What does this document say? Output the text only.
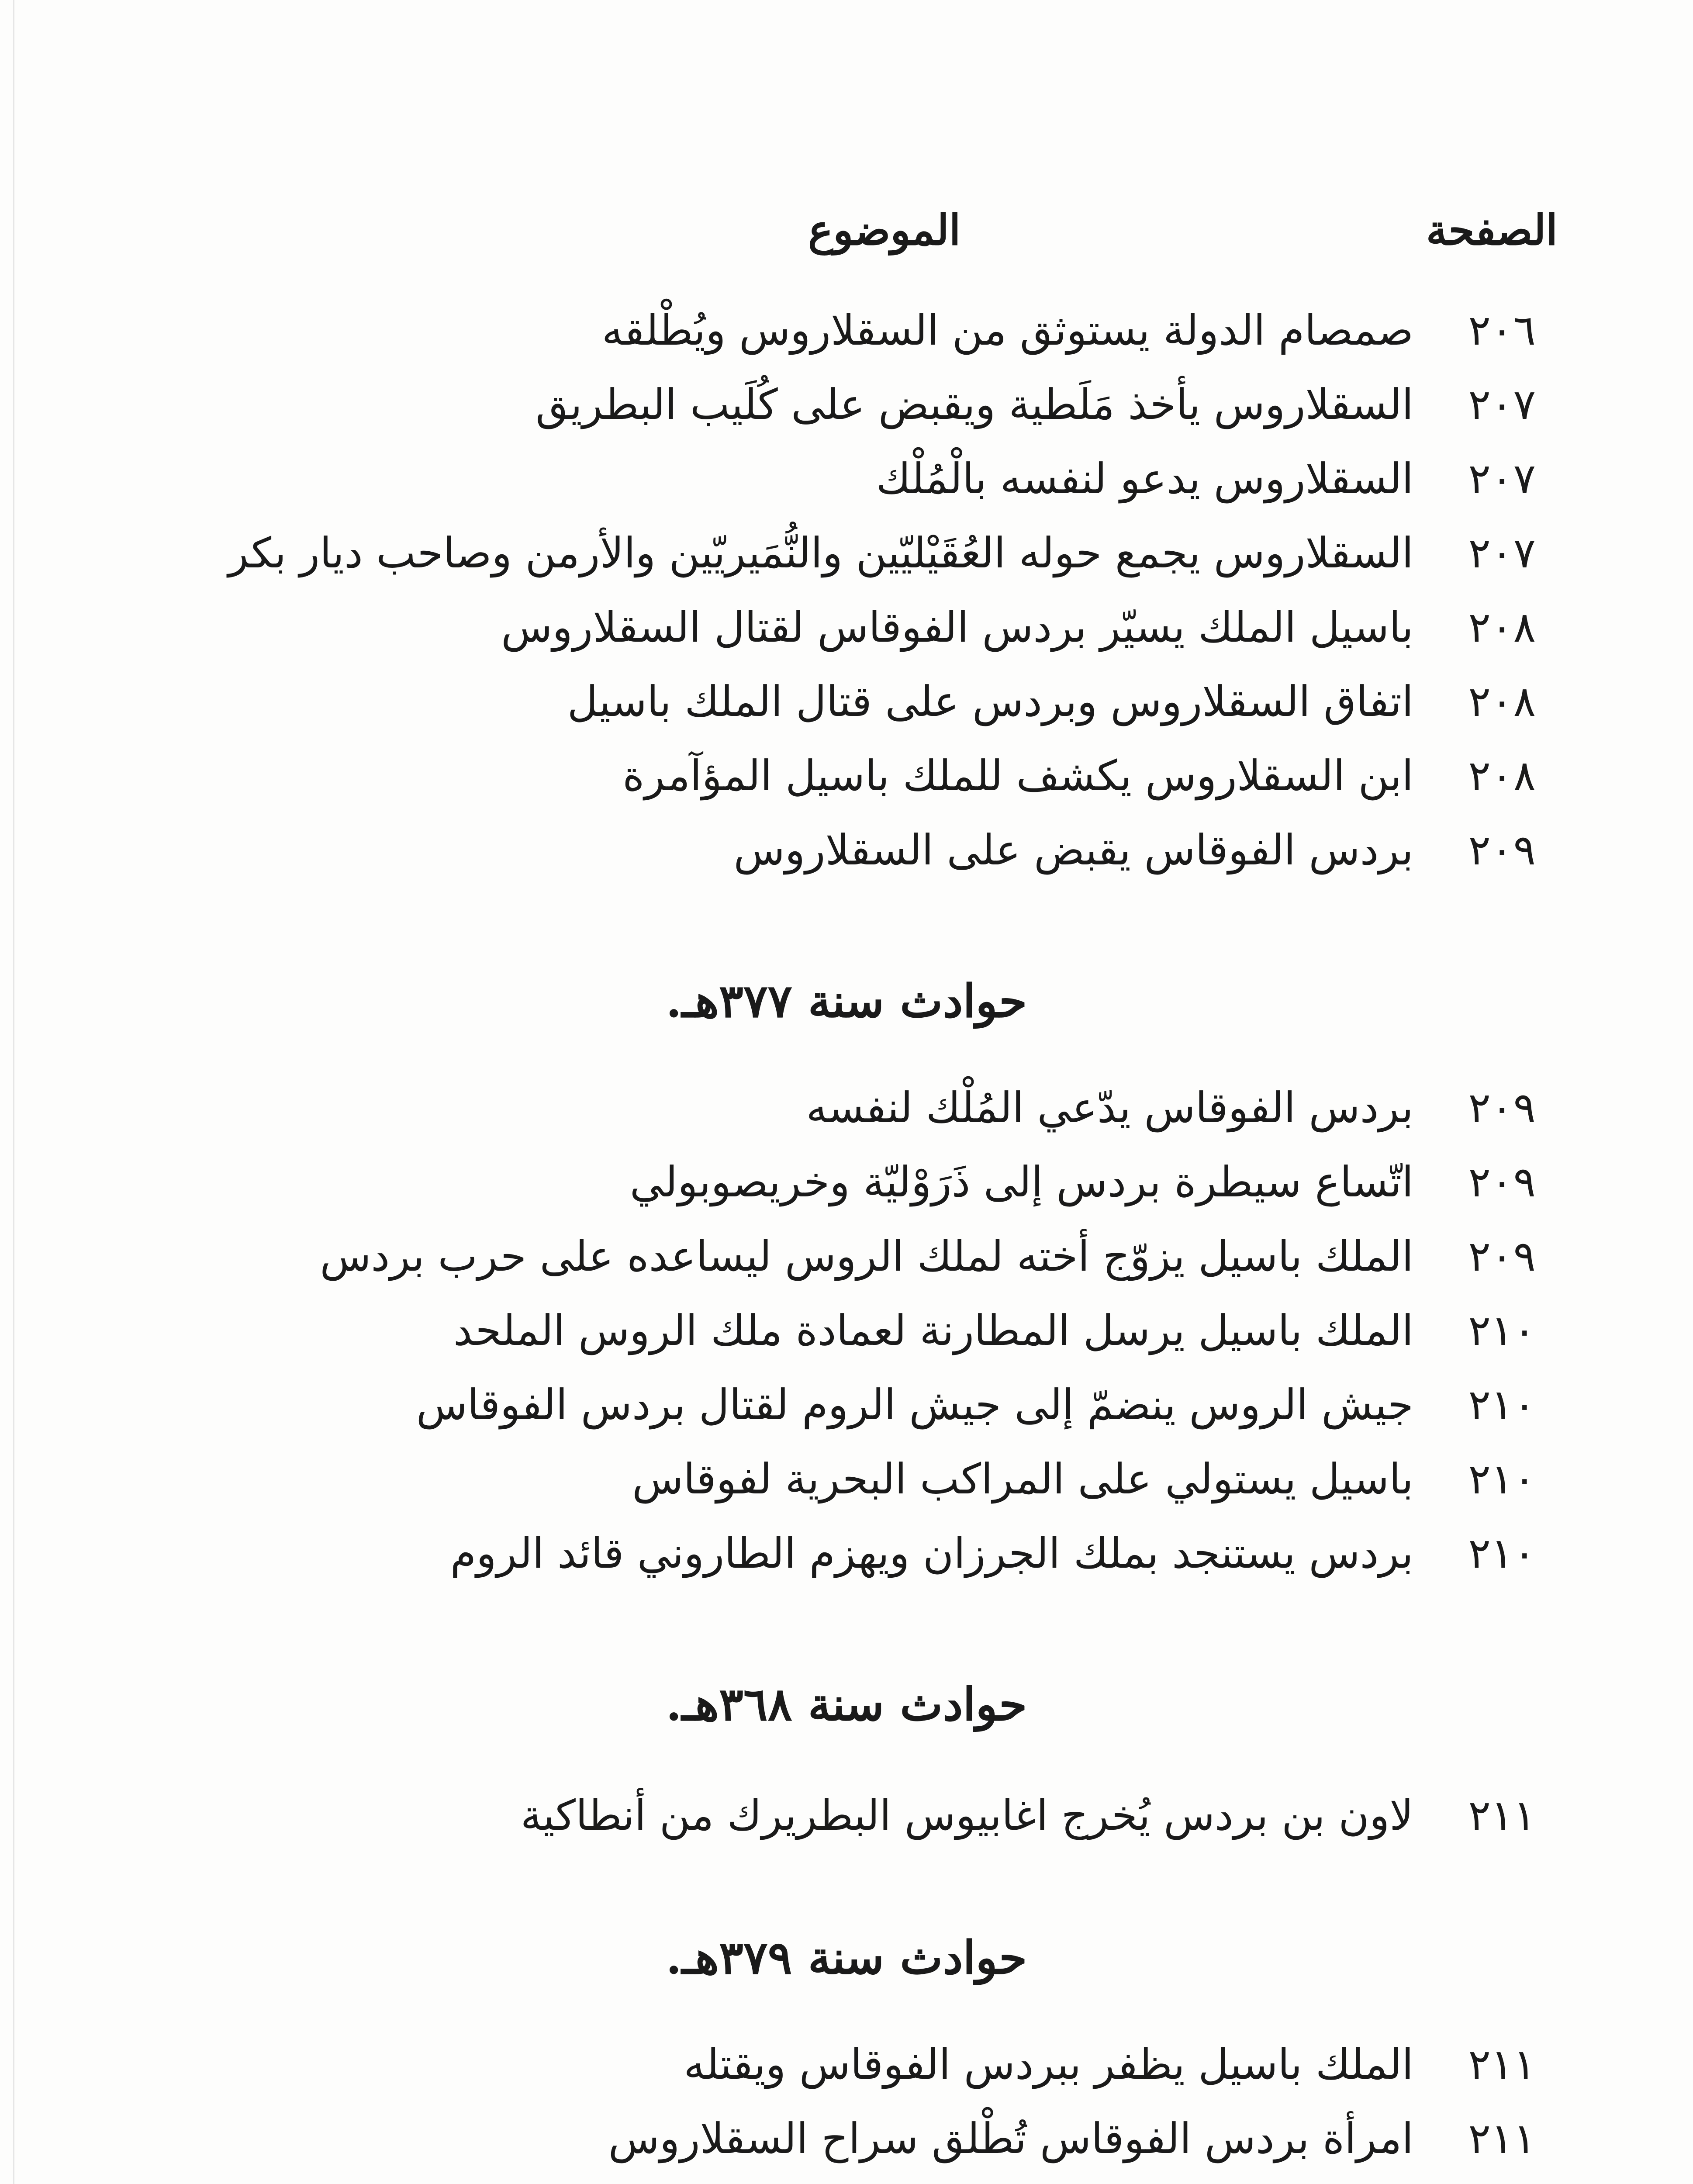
الصفحة
الموضوع
٢٠٦
صمصام الدولة يستوثق من السقلاروس ويُطْلقه
٢٠٧
السقلاروس يأخذ مَلَطية ويقبض على كُلَيب البطريق
٢٠٧
السقلاروس يدعو لنفسه بالْمُلْك
٢٠٧
السقلاروس يجمع حوله العُقَيْليّين والنُّمَيريّين والأرمن وصاحب ديار بكر
٢٠٨
باسيل الملك يسيّر بردس الفوقاس لقتال السقلاروس
٢٠٨
اتفاق السقلاروس وبردس على قتال الملك باسيل
٢٠٨
ابن السقلاروس يكشف للملك باسيل المؤآمرة
٢٠٩
بردس الفوقاس يقبض على السقلاروس
حوادث سنة ٣٧٧هـ.
٢٠٩
بردس الفوقاس يدّعي المُلْك لنفسه
٢٠٩
اتّساع سيطرة بردس إلى ذَرَوْليّة وخريصوبولي
٢٠٩
الملك باسيل يزوّج أخته لملك الروس ليساعده على حرب بردس
٢١٠
الملك باسيل يرسل المطارنة لعمادة ملك الروس الملحد
٢١٠
جيش الروس ينضمّ إلى جيش الروم لقتال بردس الفوقاس
٢١٠
باسيل يستولي على المراكب البحرية لفوقاس
٢١٠
بردس يستنجد بملك الجرزان ويهزم الطاروني قائد الروم
حوادث سنة ٣٦٨هـ.
٢١١
لاون بن بردس يُخرج اغابيوس البطريرك من أنطاكية
حوادث سنة ٣٧٩هـ.
٢١١
الملك باسيل يظفر ببردس الفوقاس ويقتله
٢١١
امرأة بردس الفوقاس تُطْلق سراح السقلاروس
